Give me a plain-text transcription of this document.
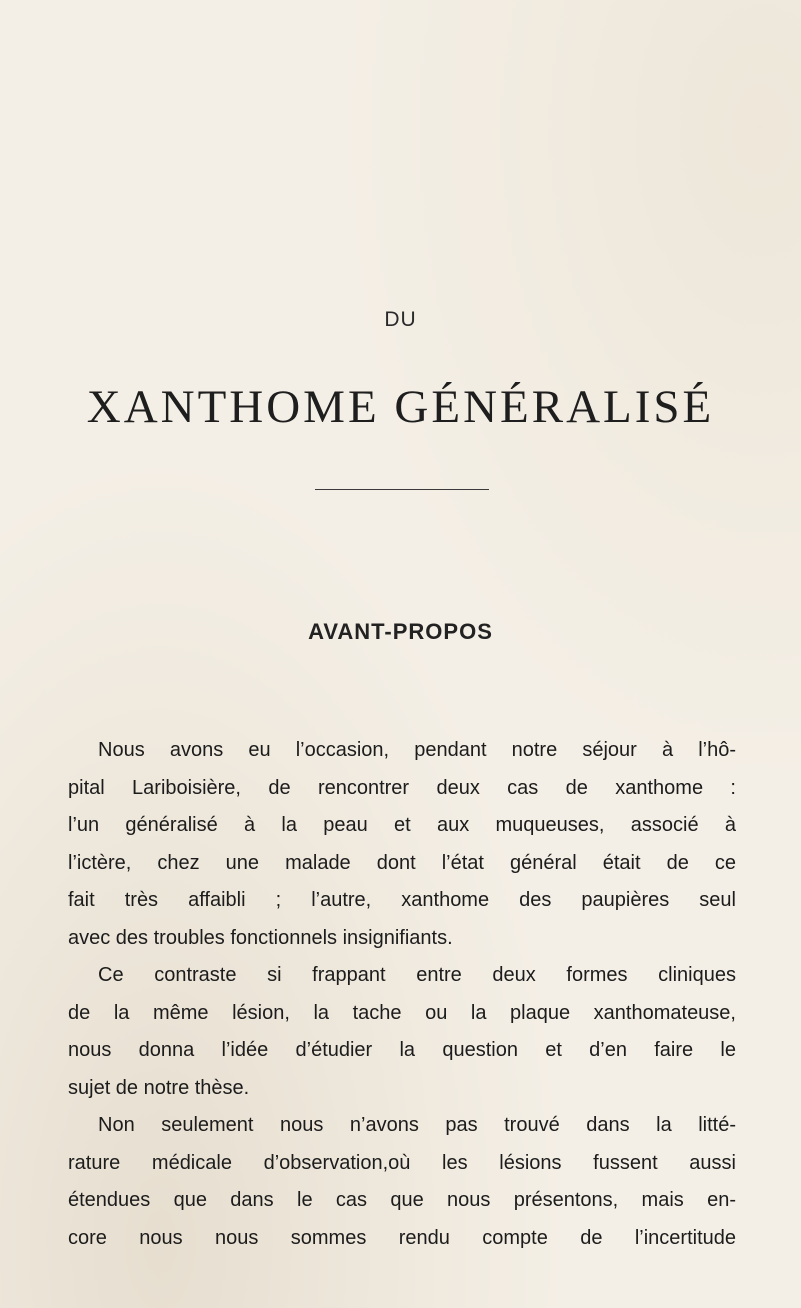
DU
XANTHOME GÉNÉRALISÉ
AVANT-PROPOS
Nous avons eu l’occasion, pendant notre séjour à l’hô-
pital Lariboisière, de rencontrer deux cas de xanthome :
l’un généralisé à la peau et aux muqueuses, associé à
l’ictère, chez une malade dont l’état général était de ce
fait très affaibli ; l’autre, xanthome des paupières seul
avec des troubles fonctionnels insignifiants.
Ce contraste si frappant entre deux formes cliniques
de la même lésion, la tache ou la plaque xanthomateuse,
nous donna l’idée d’étudier la question et d’en faire le
sujet de notre thèse.
Non seulement nous n’avons pas trouvé dans la litté-
rature médicale d’observation,où les lésions fussent aussi
étendues que dans le cas que nous présentons, mais en-
core nous nous sommes rendu compte de l’incertitude
